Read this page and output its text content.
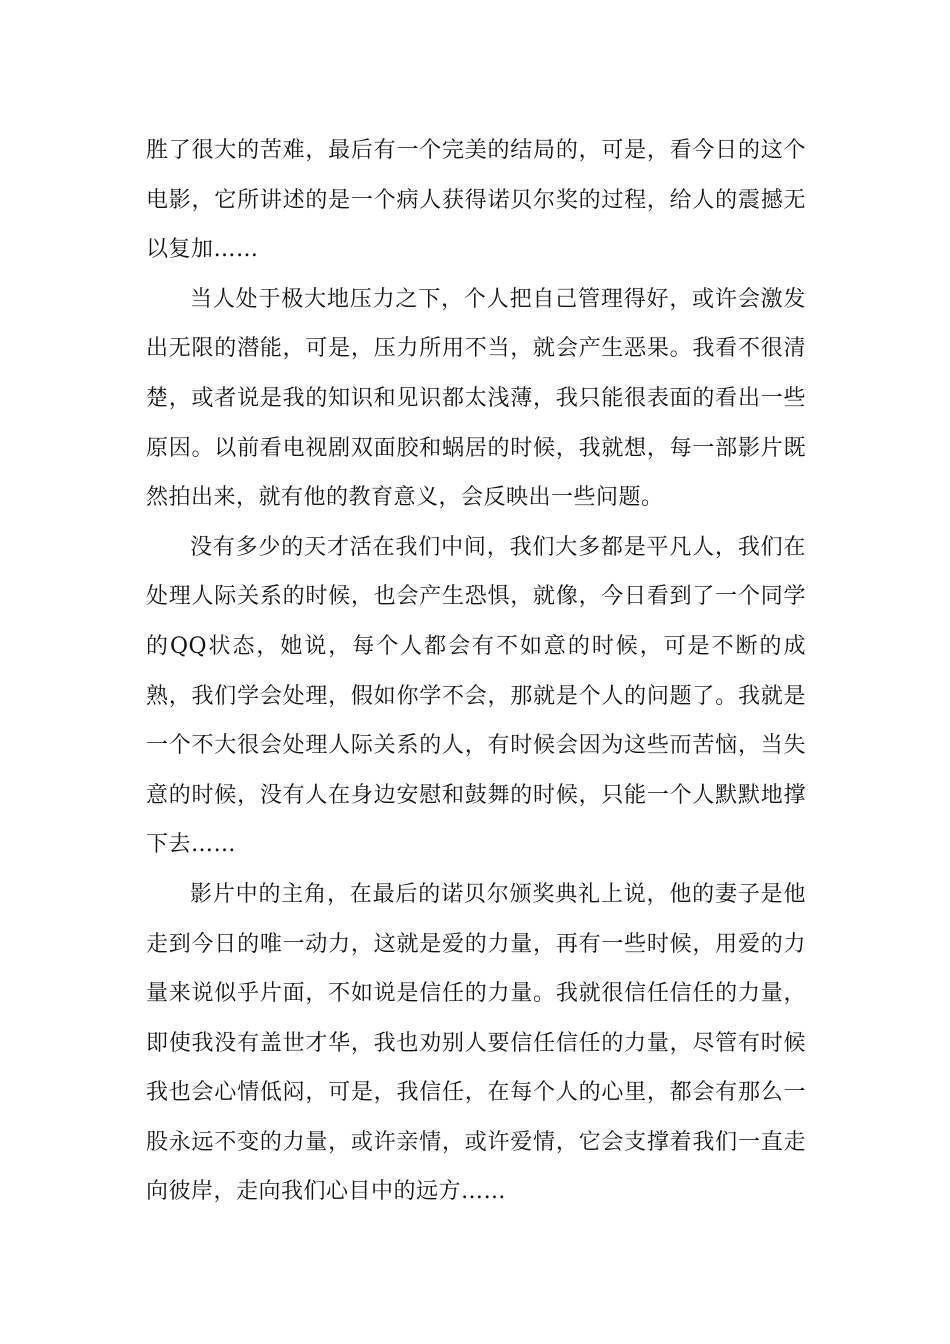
胜了很大的苦难，最后有一个完美的结局的，可是，看今日的这个电影，它所讲述的是一个病人获得诺贝尔奖的过程，给人的震撼无以复加……

当人处于极大地压力之下，个人把自己管理得好，或许会激发出无限的潜能，可是，压力所用不当，就会产生恶果。我看不很清楚，或者说是我的知识和见识都太浅薄，我只能很表面的看出一些原因。以前看电视剧双面胶和蜗居的时候，我就想，每一部影片既然拍出来，就有他的教育意义，会反映出一些问题。

没有多少的天才活在我们中间，我们大多都是平凡人，我们在处理人际关系的时候，也会产生恐惧，就像，今日看到了一个同学的QQ状态，她说，每个人都会有不如意的时候，可是不断的成熟，我们学会处理，假如你学不会，那就是个人的问题了。我就是一个不大很会处理人际关系的人，有时候会因为这些而苦恼，当失意的时候，没有人在身边安慰和鼓舞的时候，只能一个人默默地撑下去……

影片中的主角，在最后的诺贝尔颁奖典礼上说，他的妻子是他走到今日的唯一动力，这就是爱的力量，再有一些时候，用爱的力量来说似乎片面，不如说是信任的力量。我就很信任信任的力量，即使我没有盖世才华，我也劝别人要信任信任的力量，尽管有时候我也会心情低闷，可是，我信任，在每个人的心里，都会有那么一股永远不变的力量，或许亲情，或许爱情，它会支撑着我们一直走向彼岸，走向我们心目中的远方……
